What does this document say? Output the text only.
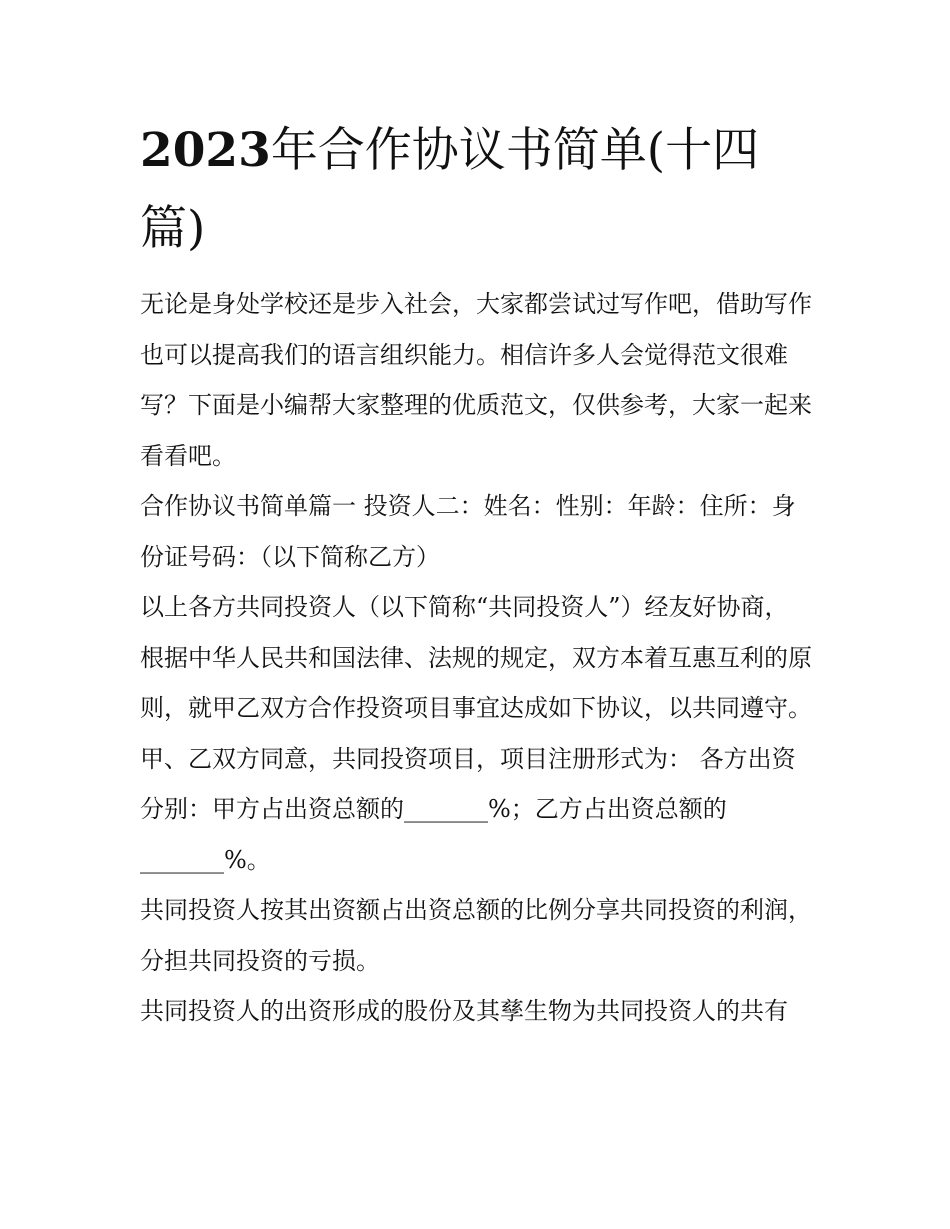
2023年合作协议书简单(十四篇)

无论是身处学校还是步入社会，大家都尝试过写作吧，借助写作也可以提高我们的语言组织能力。相信许多人会觉得范文很难写？下面是小编帮大家整理的优质范文，仅供参考，大家一起来看看吧。

合作协议书简单篇一 投资人二：姓名：性别：年龄：住所：身份证号码：（以下简称乙方）

以上各方共同投资人（以下简称“共同投资人”）经友好协商，根据中华人民共和国法律、法规的规定，双方本着互惠互利的原则，就甲乙双方合作投资项目事宜达成如下协议，以共同遵守。

甲、乙双方同意，共同投资项目，项目注册形式为： 各方出资分别：甲方占出资总额的_______%；乙方占出资总额的_______%。

共同投资人按其出资额占出资总额的比例分享共同投资的利润，分担共同投资的亏损。

共同投资人的出资形成的股份及其孳生物为共同投资人的共有
